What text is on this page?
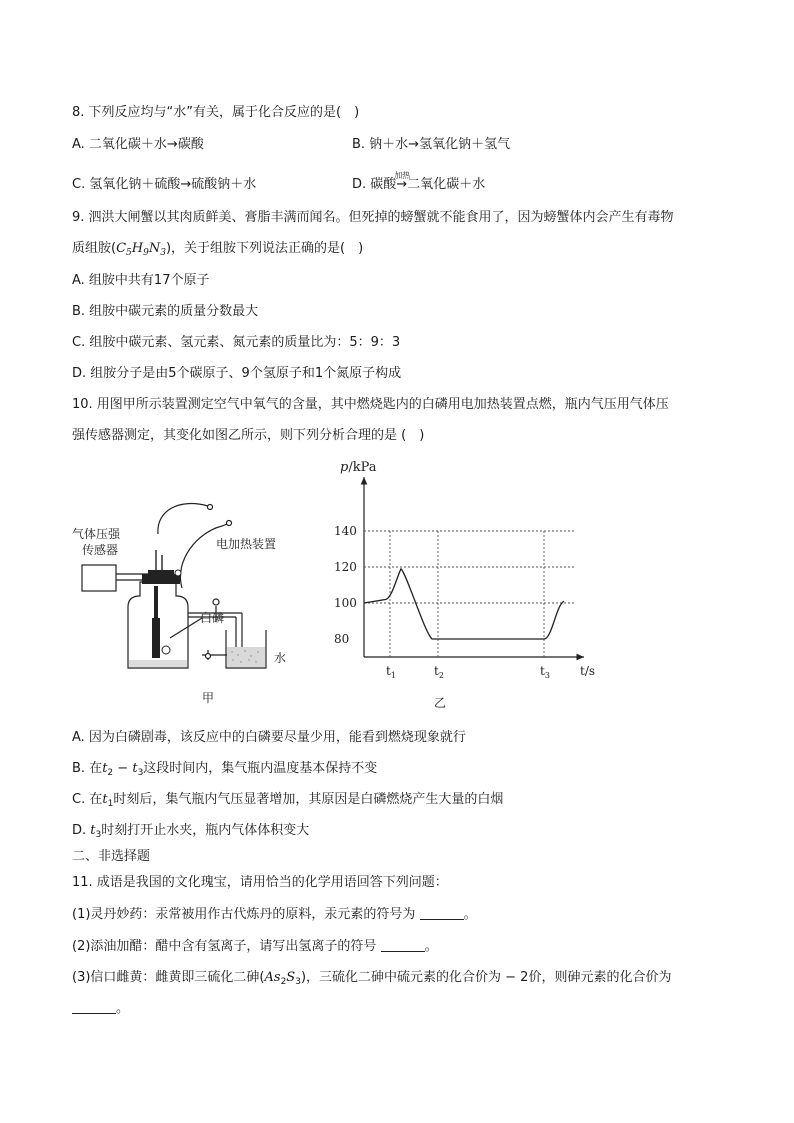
8. 下列反应均与“水”有关，属于化合反应的是(　)
A. 二氧化碳＋水→碳酸	B. 钠＋水→氢氧化钠＋氢气
C. 氢氧化钠＋硫酸→硫酸钠＋水	D. 碳酸
加热
→二氧化碳＋水
9. 泗洪大闸蟹以其肉质鲜美、膏脂丰满而闻名。但死掉的螃蟹就不能食用了，因为螃蟹体内会产生有毒物
质组胺$(C_5H_9N_3)$，关于组胺下列说法正确的是(　)
A. 组胺中共有17个原子
B. 组胺中碳元素的质量分数最大
C. 组胺中碳元素、氢元素、氮元素的质量比为：5：9：3
D. 组胺分子是由5个碳原子、9个氢原子和1个氮原子构成
10. 用图甲所示装置测定空气中氧气的含量，其中燃烧匙内的白磷用电加热装置点燃，瓶内气压用气体压
强传感器测定，其变化如图乙所示，则下列分析合理的是 (　)
气体压强
传感器	电加热装置
白磷
水
甲
p/kPa
t/s
140
120
100
80
$t_1$	$t_2$	$t_3$
乙
A. 因为白磷剧毒，该反应中的白磷要尽量少用，能看到燃烧现象就行
B. 在$t_2 - t_3$这段时间内，集气瓶内温度基本保持不变
C. 在$t_1$时刻后，集气瓶内气压显著增加，其原因是白磷燃烧产生大量的白烟
D. $t_3$时刻打开止水夹，瓶内气体体积变大
二、非选择题
11. 成语是我国的文化瑰宝，请用恰当的化学用语回答下列问题：
(1)灵丹妙药：汞常被用作古代炼丹的原料，汞元素的符号为	。
(2)添油加醋：醋中含有氢离子，请写出氢离子的符号	。
(3)信口雌黄：雌黄即三硫化二砷$(As_2S_3)$，三硫化二砷中硫元素的化合价为 − 2价，则砷元素的化合价为
。
